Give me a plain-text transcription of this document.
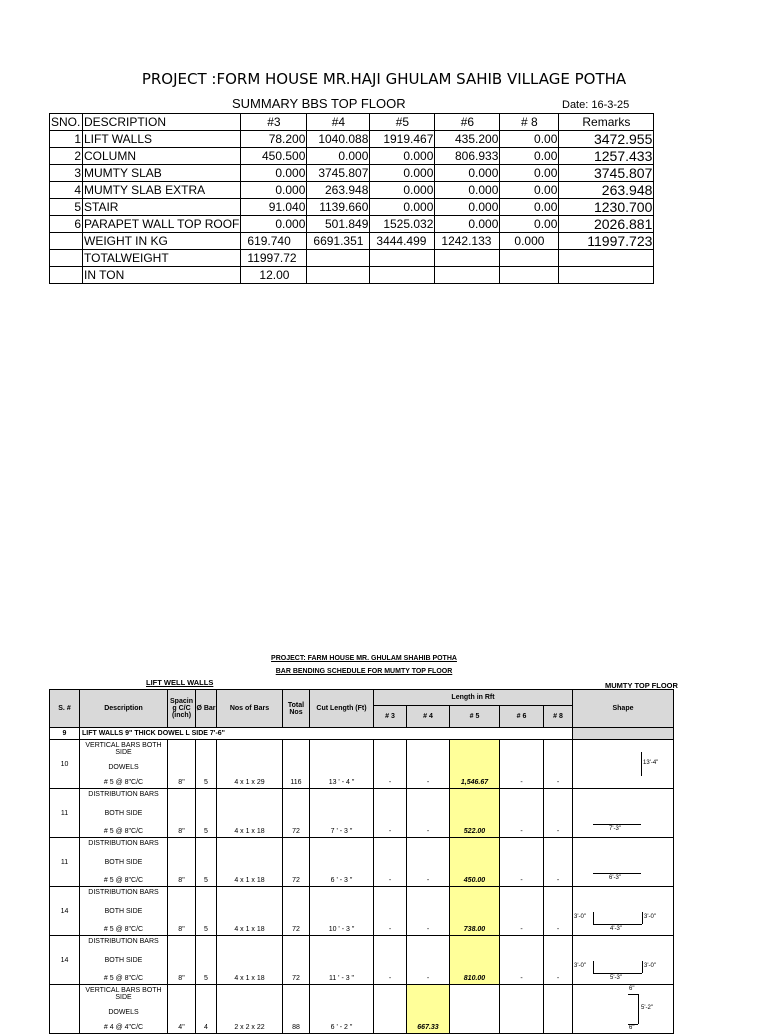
PROJECT :FORM HOUSE MR.HAJI GHULAM SAHIB VILLAGE POTHA
SUMMARY BBS TOP FLOOR	Date: 16-3-25
SNO.	DESCRIPTION	#3	#4	#5	#6	# 8	Remarks
1	LIFT WALLS	78.200	1040.088	1919.467	435.200	0.00	3472.955
2	COLUMN	450.500	0.000	0.000	806.933	0.00	1257.433
3	MUMTY SLAB	0.000	3745.807	0.000	0.000	0.00	3745.807
4	MUMTY SLAB EXTRA	0.000	263.948	0.000	0.000	0.00	263.948
5	STAIR	91.040	1139.660	0.000	0.000	0.00	1230.700
6	PARAPET WALL TOP ROOF	0.000	501.849	1525.032	0.000	0.00	2026.881
	WEIGHT IN KG	619.740	6691.351	3444.499	1242.133	0.000	11997.723
	TOTALWEIGHT	11997.72					
	IN TON	12.00					
PROJECT: FARM HOUSE MR. GHULAM SHAHIB POTHA
BAR BENDING SCHEDULE FOR MUMTY TOP FLOOR
LIFT WELL WALLS	MUMTY TOP FLOOR
S. #	Description	Spacin g C/C (inch)	Ø Bar	Nos of Bars	Total Nos	Cut Length (Ft)	Length in Rft					Shape
							# 3	# 4	# 5	# 6	# 8	
9	LIFT WALLS 9" THICK DOWEL L SIDE 7'-6"											
10	VERTICAL BARS BOTH SIDE
DOWELS
# 5 @ 8"C/C	8"	5	4 x 1 x 29	116	13 ' - 4 "	-	-	1,546.67	-	-	13'-4"

11	DISTRIBUTION BARS
BOTH SIDE
# 5 @ 8"C/C	8"	5	4 x 1 x 18	72	7 ' - 3 "	-	-	522.00	-	-	7'-3"

11	DISTRIBUTION BARS
BOTH SIDE
# 5 @ 8"C/C	8"	5	4 x 1 x 18	72	6 ' - 3 "	-	-	450.00	-	-	6'-3"

14	DISTRIBUTION BARS
BOTH SIDE
# 5 @ 8"C/C	8"	5	4 x 1 x 18	72	10 ' - 3 "	-	-	738.00	-	-	3'-0"
4'-3"
3'-0"

14	DISTRIBUTION BARS
BOTH SIDE
# 5 @ 8"C/C	8"	5	4 x 1 x 18	72	11 ' - 3 "	-	-	810.00	-	-	3'-0"
5'-3"
3'-0"

	VERTICAL BARS BOTH SIDE
DOWELS
# 4 @ 4"C/C	4"	4	2 x 2 x 22	88	6 ' - 2 "		667.33				6"
5'-2"
6"
